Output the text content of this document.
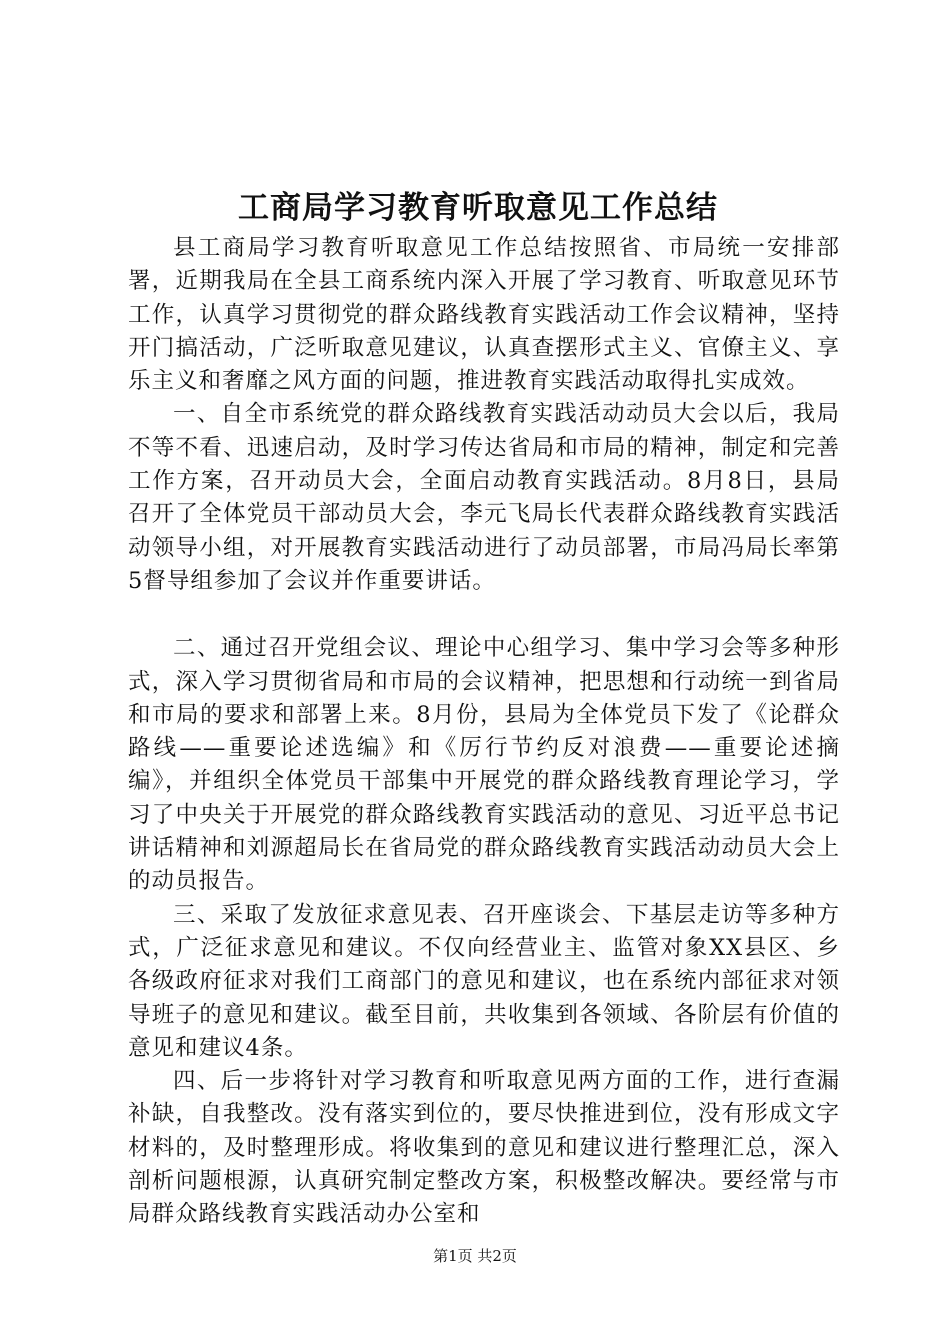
工商局学习教育听取意见工作总结

县工商局学习教育听取意见工作总结按照省、市局统一安排部署，近期我局在全县工商系统内深入开展了学习教育、听取意见环节工作，认真学习贯彻党的群众路线教育实践活动工作会议精神，坚持开门搞活动，广泛听取意见建议，认真查摆形式主义、官僚主义、享乐主义和奢靡之风方面的问题，推进教育实践活动取得扎实成效。

一、自全市系统党的群众路线教育实践活动动员大会以后，我局不等不看、迅速启动，及时学习传达省局和市局的精神，制定和完善工作方案，召开动员大会，全面启动教育实践活动。8月8日，县局召开了全体党员干部动员大会，李元飞局长代表群众路线教育实践活动领导小组，对开展教育实践活动进行了动员部署，市局冯局长率第5督导组参加了会议并作重要讲话。

二、通过召开党组会议、理论中心组学习、集中学习会等多种形式，深入学习贯彻省局和市局的会议精神，把思想和行动统一到省局和市局的要求和部署上来。8月份，县局为全体党员下发了《论群众路线——重要论述选编》和《厉行节约反对浪费——重要论述摘编》，并组织全体党员干部集中开展党的群众路线教育理论学习，学习了中央关于开展党的群众路线教育实践活动的意见、习近平总书记讲话精神和刘源超局长在省局党的群众路线教育实践活动动员大会上的动员报告。

三、采取了发放征求意见表、召开座谈会、下基层走访等多种方式，广泛征求意见和建议。不仅向经营业主、监管对象XX县区、乡各级政府征求对我们工商部门的意见和建议，也在系统内部征求对领导班子的意见和建议。截至目前，共收集到各领域、各阶层有价值的意见和建议4条。

四、后一步将针对学习教育和听取意见两方面的工作，进行查漏补缺，自我整改。没有落实到位的，要尽快推进到位，没有形成文字材料的，及时整理形成。将收集到的意见和建议进行整理汇总，深入剖析问题根源，认真研究制定整改方案，积极整改解决。要经常与市局群众路线教育实践活动办公室和

第1页 共2页
